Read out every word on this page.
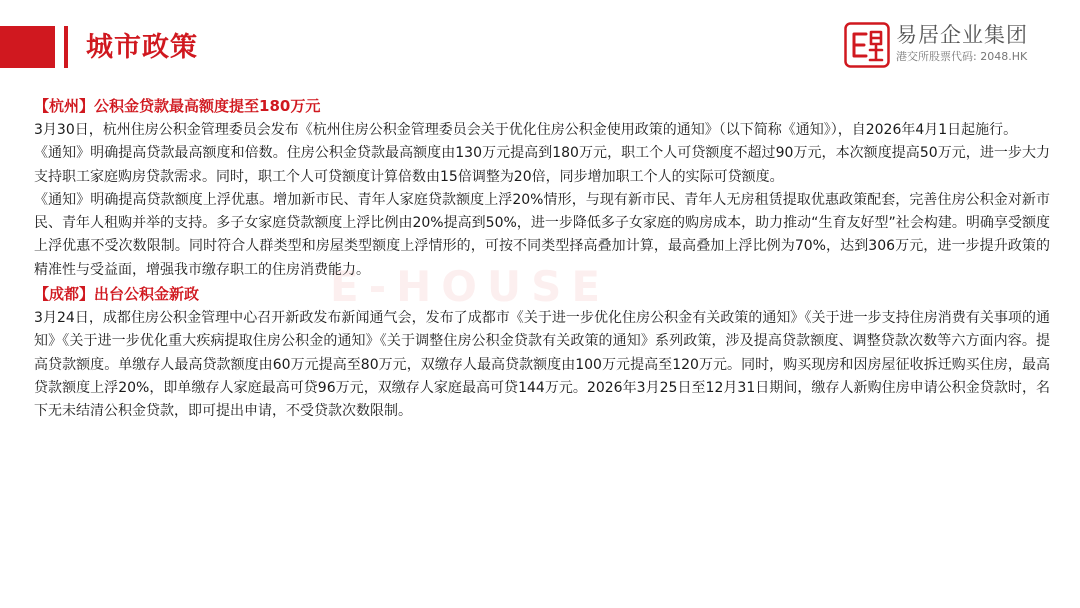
城市政策	易居企业集团
港交所股票代码: 2048.HK
E-HOUSE
【杭州】公积金贷款最高额度提至180万元

3月30日，杭州住房公积金管理委员会发布《杭州住房公积金管理委员会关于优化住房公积金使用政策的通知》（以下简称《通知》），自2026年4月1日起施行。

《通知》明确提高贷款最高额度和倍数。住房公积金贷款最高额度由130万元提高到180万元，职工个人可贷额度不超过90万元，本次额度提高50万元，进一步大力支持职工家庭购房贷款需求。同时，职工个人可贷额度计算倍数由15倍调整为20倍，同步增加职工个人的实际可贷额度。

《通知》明确提高贷款额度上浮优惠。增加新市民、青年人家庭贷款额度上浮20%情形，与现有新市民、青年人无房租赁提取优惠政策配套，完善住房公积金对新市民、青年人租购并举的支持。多子女家庭贷款额度上浮比例由20%提高到50%，进一步降低多子女家庭的购房成本，助力推动“生育友好型”社会构建。明确享受额度上浮优惠不受次数限制。同时符合人群类型和房屋类型额度上浮情形的，可按不同类型择高叠加计算，最高叠加上浮比例为70%，达到306万元，进一步提升政策的精准性与受益面，增强我市缴存职工的住房消费能力。

【成都】出台公积金新政

3月24日，成都住房公积金管理中心召开新政发布新闻通气会，发布了成都市《关于进一步优化住房公积金有关政策的通知》《关于进一步支持住房消费有关事项的通知》《关于进一步优化重大疾病提取住房公积金的通知》《关于调整住房公积金贷款有关政策的通知》系列政策，涉及提高贷款额度、调整贷款次数等六方面内容。提高贷款额度。单缴存人最高贷款额度由60万元提高至80万元，双缴存人最高贷款额度由100万元提高至120万元。同时，购买现房和因房屋征收拆迁购买住房，最高贷款额度上浮20%，即单缴存人家庭最高可贷96万元，双缴存人家庭最高可贷144万元。2026年3月25日至12月31日期间，缴存人新购住房申请公积金贷款时，名下无未结清公积金贷款，即可提出申请，不受贷款次数限制。
